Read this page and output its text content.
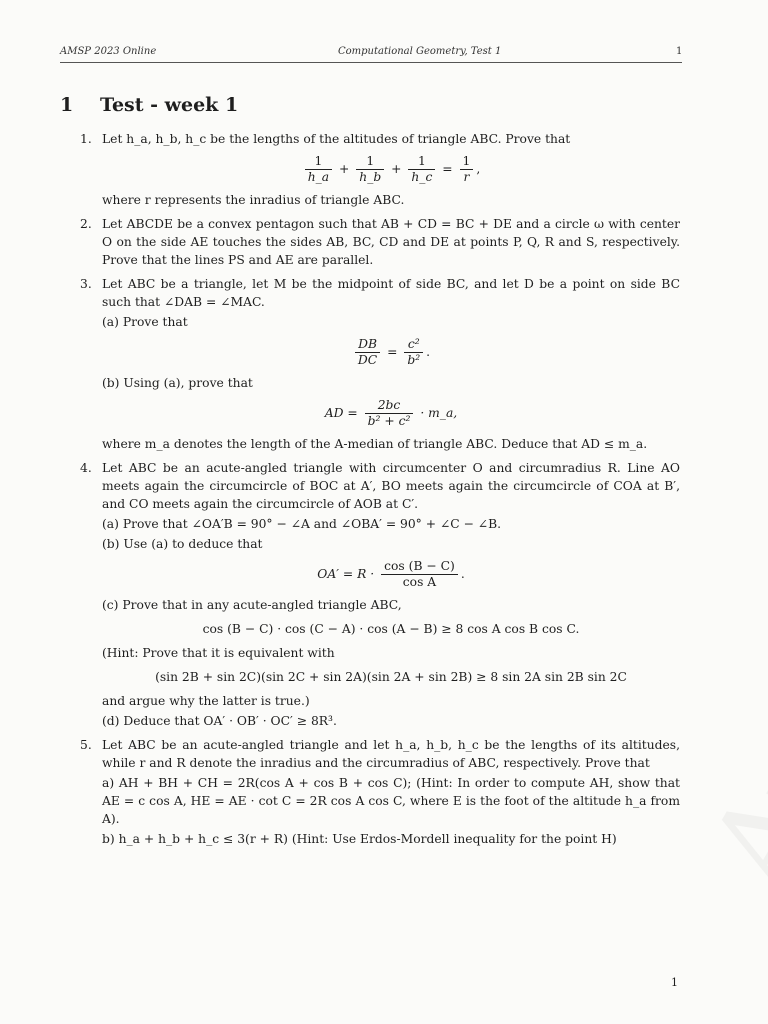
AMSP 2023 Online	Computational Geometry, Test 1	1
1 Test - week 1
1. Let h_a, h_b, h_c be the lengths of the altitudes of triangle ABC. Prove that

$\frac{1}{h\_a} + \frac{1}{h\_b} + \frac{1}{h\_c} = \frac{1}{r}$ ,

where r represents the inradius of triangle ABC.

2. Let ABCDE be a convex pentagon such that AB + CD = BC + DE and a circle ω with center O on the side AE touches the sides AB, BC, CD and DE at points P, Q, R and S, respectively. Prove that the lines PS and AE are parallel.

3. Let ABC be a triangle, let M be the midpoint of side BC, and let D be a point on side BC such that ∠DAB = ∠MAC.

(a) Prove that
$\frac{DB}{DC} = \frac{\text{c²}}{\text{b²}}$ .
(b) Using (a), prove that
AD = $\frac{2bc}{\text{b² + c²}}$ · m_a,

where m_a denotes the length of the A-median of triangle ABC. Deduce that AD ≤ m_a.

4. Let ABC be an acute-angled triangle with circumcenter O and circumradius R. Line AO meets again the circumcircle of BOC at A′, BO meets again the circumcircle of COA at B′, and CO meets again the circumcircle of AOB at C′.

(a) Prove that ∠OA′B = 90° − ∠A and ∠OBA′ = 90° + ∠C − ∠B.
(b) Use (a) to deduce that
$OA' = R \cdot \frac{\cos (B - C)}{\text{cos A}}$ .
(c) Prove that in any acute-angled triangle ABC,
cos (B − C) · cos (C − A) · cos (A − B) ≥ 8 cos A cos B cos C.
(Hint: Prove that it is equivalent with
(sin 2B + sin 2C)(sin 2C + sin 2A)(sin 2A + sin 2B) ≥ 8 sin 2A sin 2B sin 2C
and argue why the latter is true.)
(d) Deduce that OA′ · OB′ · OC′ ≥ 8R³.
5. Let ABC be an acute-angled triangle and let h_a, h_b, h_c be the lengths of its altitudes, while r and R denote the inradius and the circumradius of ABC, respectively. Prove that

a) AH + BH + CH = 2R(cos A + cos B + cos C); (Hint: In order to compute AH, show that AE = c cos A, HE = AE · cot C = 2R cos A cos C, where E is the foot of the altitude h_a from A).

b) h_a + h_b + h_c ≤ 3(r + R) (Hint: Use Erdos-Mordell inequality for the point H)

1
